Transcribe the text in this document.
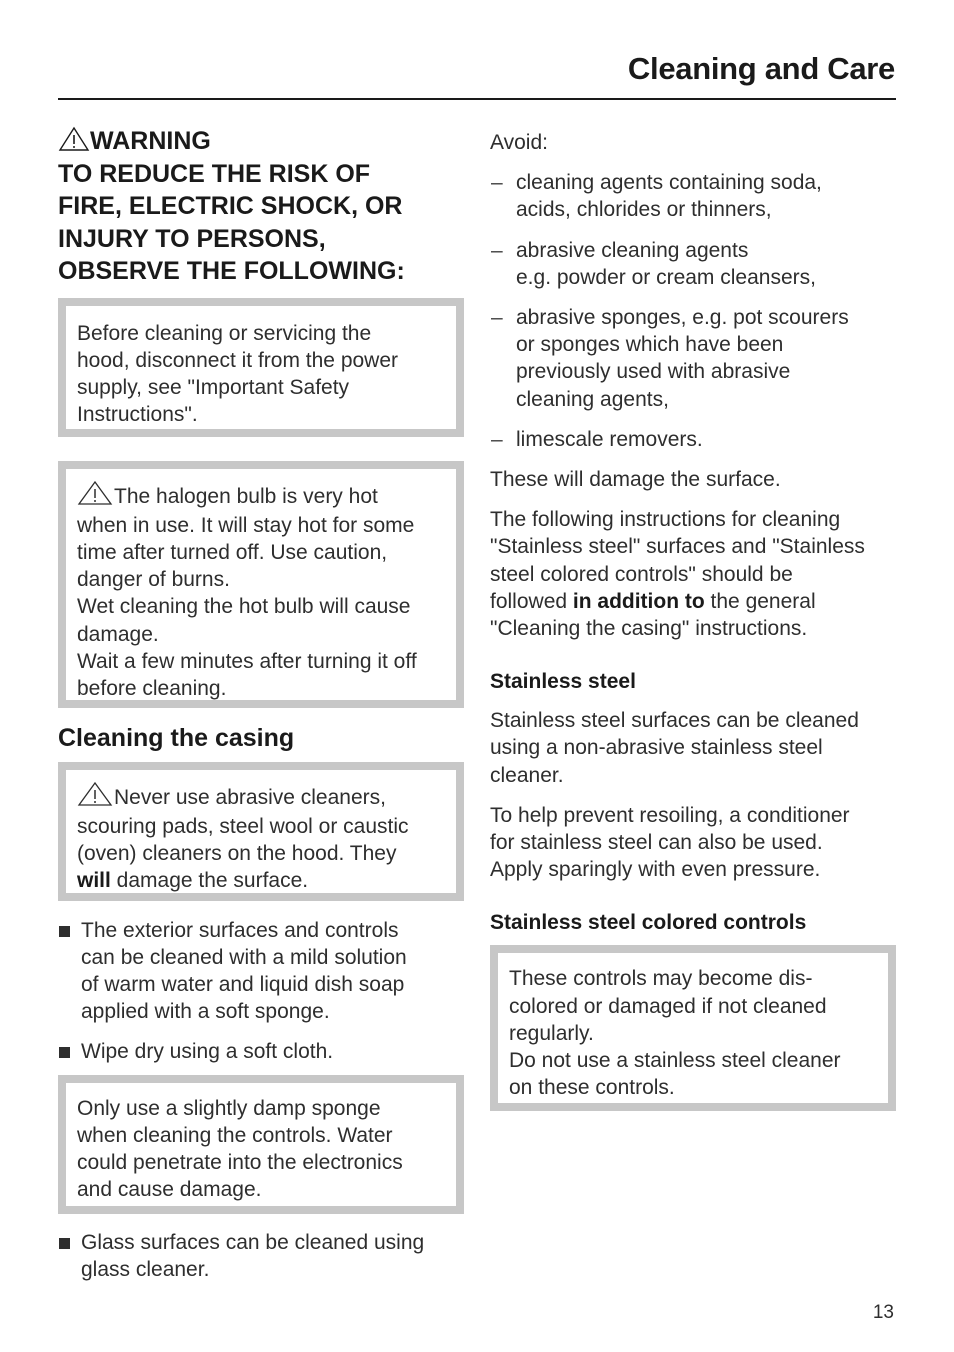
Cleaning and Care
WARNING
TO REDUCE THE RISK OF
FIRE, ELECTRIC SHOCK, OR
INJURY TO PERSONS,
OBSERVE THE FOLLOWING:

Before cleaning or servicing the

hood, disconnect it from the power

supply, see "Important Safety

Instructions".

The halogen bulb is very hot

when in use. It will stay hot for some

time after turned off. Use caution,

danger of burns.

Wet cleaning the hot bulb will cause

damage.

Wait a few minutes after turning it off

before cleaning.

Cleaning the casing

Never use abrasive cleaners,

scouring pads, steel wool or caustic

(oven) cleaners on the hood. They

will damage the surface.

The exterior surfaces and controls
can be cleaned with a mild solution
of warm water and liquid dish soap
applied with a soft sponge.
Wipe dry using a soft cloth.

Only use a slightly damp sponge

when cleaning the controls. Water

could penetrate into the electronics

and cause damage.

Glass surfaces can be cleaned using
glass cleaner.

Avoid:

– cleaning agents containing soda,
acids, chlorides or thinners,
– abrasive cleaning agents
e.g. powder or cream cleansers,
– abrasive sponges, e.g. pot scourers
or sponges which have been
previously used with abrasive
cleaning agents,
– limescale removers.

These will damage the surface.

The following instructions for cleaning
"Stainless steel" surfaces and "Stainless
steel colored controls" should be
followed in addition to the general
"Cleaning the casing" instructions.
Stainless steel
Stainless steel surfaces can be cleaned
using a non-abrasive stainless steel
cleaner.
To help prevent resoiling, a conditioner
for stainless steel can also be used.
Apply sparingly with even pressure.
Stainless steel colored controls

These controls may become dis-

colored or damaged if not cleaned

regularly.

Do not use a stainless steel cleaner

on these controls.

13
